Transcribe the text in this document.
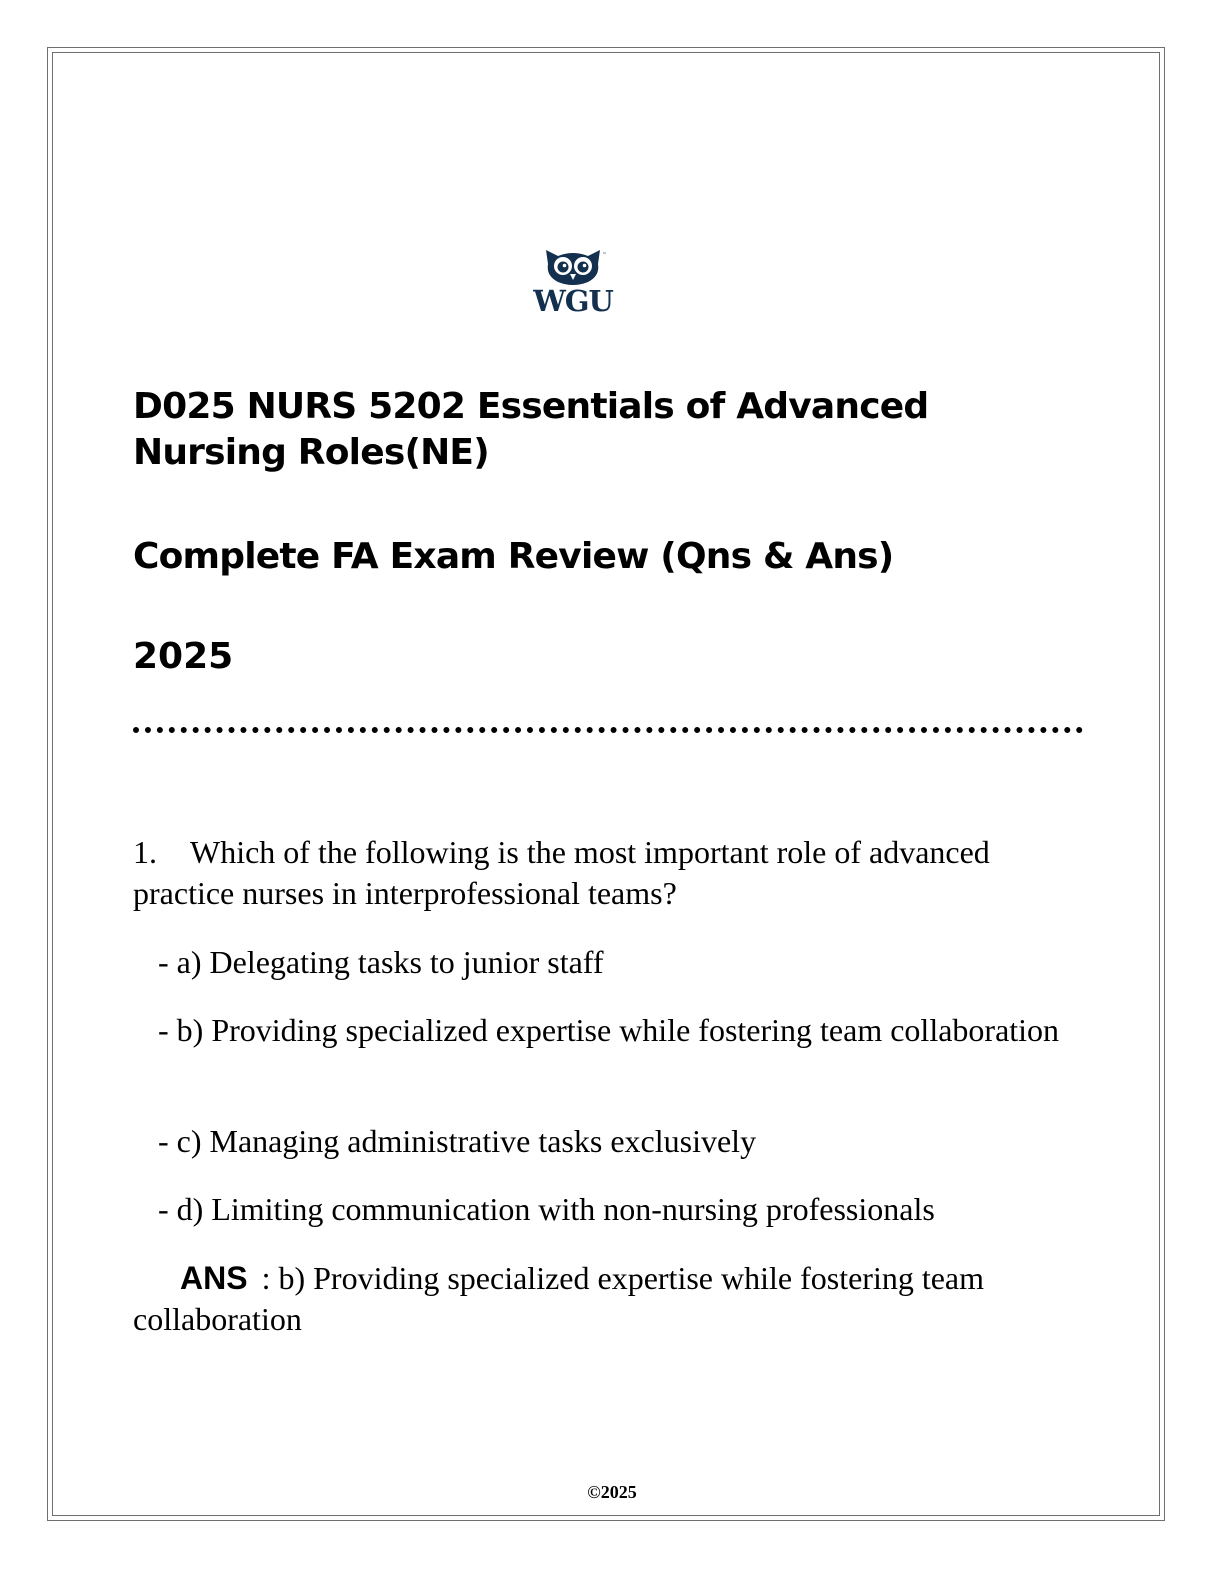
™
WGU

D025 NURS 5202 Essentials of Advanced Nursing Roles(NE)

Complete FA Exam Review (Qns & Ans)

2025

1. Which of the following is the most important role of advanced practice nurses in interprofessional teams?

- a) Delegating tasks to junior staff

- b) Providing specialized expertise while fostering team collaboration

- c) Managing administrative tasks exclusively

- d) Limiting communication with non-nursing professionals

ANS : b) Providing specialized expertise while fostering team collaboration

©2025
